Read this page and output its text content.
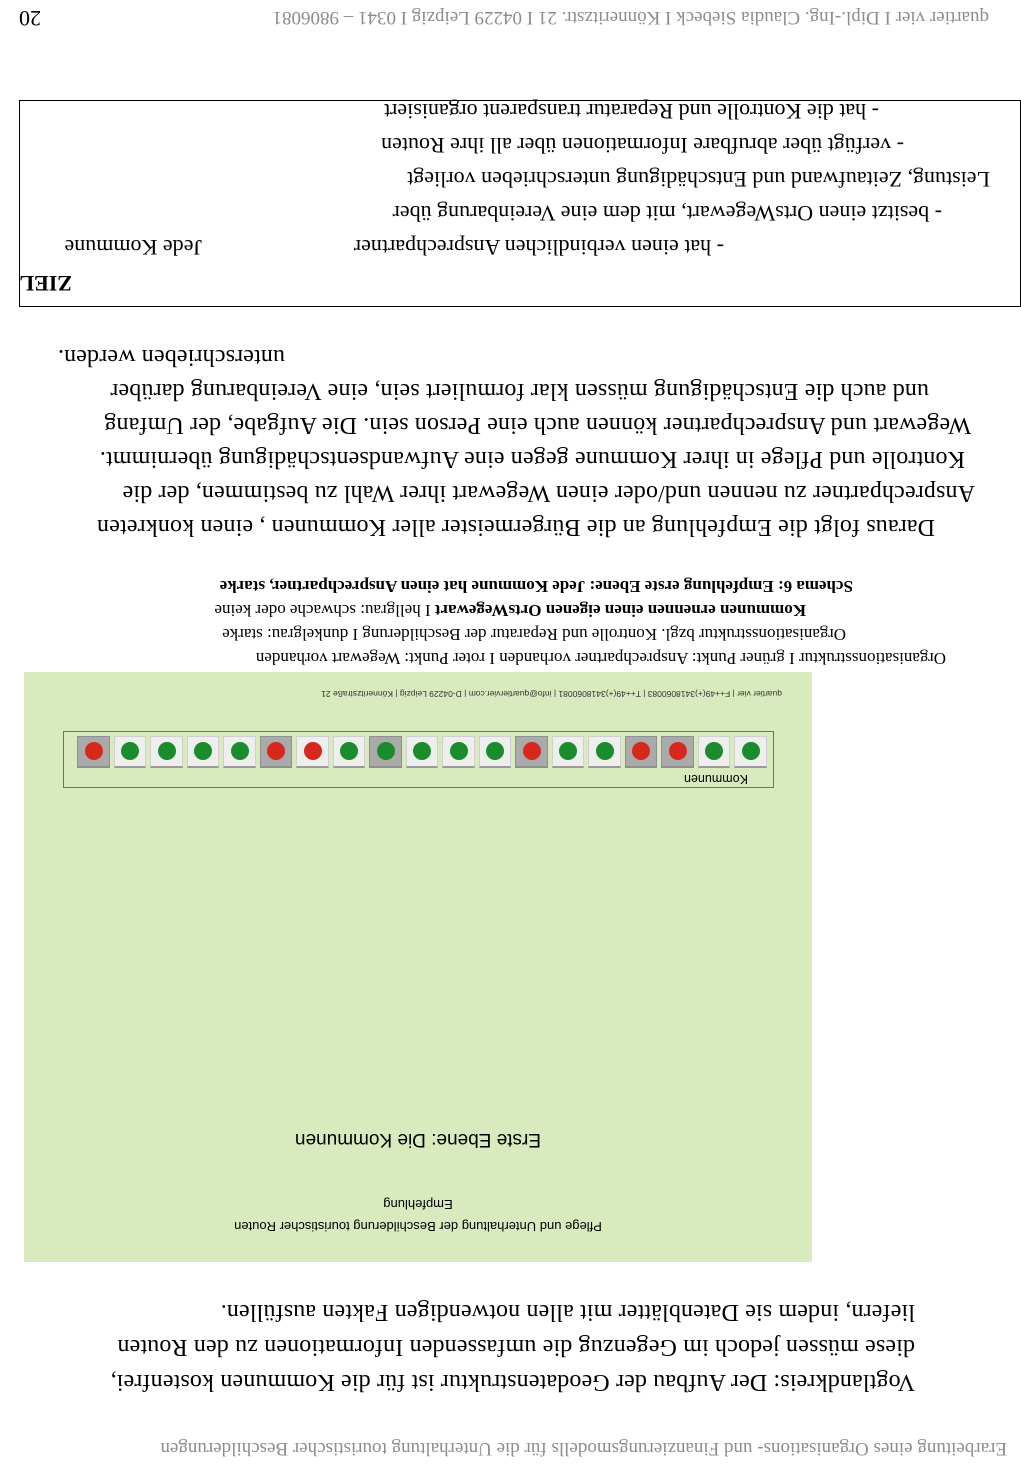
Erarbeitung eines Organisations- und Finanzierungsmodells für die Unterhaltung touristischer Beschilderungen
Vogtlandkreis: Der Aufbau der Geodatenstruktur ist für die Kommunen kostenfrei,
diese müssen jedoch im Gegenzug die umfassenden Informationen zu den Routen
liefern, indem sie Datenblätter mit allen notwendigen Fakten ausfüllen.
Pflege und Unterhaltung der Beschilderung touristischer Routen
Empfehlung
Erste Ebene: Die Kommunen
Kommunen
quartier vier | F++49(+)3418060083 | T++49(+)3418060081 | info@quartiervier.com | D-04229 Leipzig | Könneritzstraße 21
Organisationsstruktur I grüner Punkt: Ansprechpartner vorhanden I roter Punkt: Wegewart vorhanden
Organisationsstruktur bzgl. Kontrolle und Reparatur der Beschilderung I dunkelgrau: starke
Kommunen ernennen einen eigenen OrtsWegewart I hellgrau: schwache oder keine
Schema 6: Empfehlung erste Ebene: Jede Kommune hat einen Ansprechpartner, starke
Daraus folgt die Empfehlung an die Bürgermeister aller Kommunen , einen konkreten
Ansprechpartner zu nennen und/oder einen Wegewart ihrer Wahl zu bestimmen, der die
Kontrolle und Pflege in ihrer Kommune gegen eine Aufwandsentschädigung übernimmt.
Wegewart und Ansprechpartner können auch eine Person sein. Die Aufgabe, der Umfang
und auch die Entschädigung müssen klar formuliert sein, eine Vereinbarung darüber
unterschrieben werden.
- hat die Kontrolle und Reparatur transparent organisiert
- verfügt über abrufbare Informationen über all ihre Routen
Leistung, Zeitaufwand und Entschädigung unterschrieben vorliegt
- besitzt einen OrtsWegewart, mit dem eine Vereinbarung über
- hat einen verbindlichen Ansprechpartner
Jede Kommune
ZIEL
quartier vier I Dipl.-Ing. Claudia Siebeck I Könneritzstr. 21 I 04229 Leipzig I 0341 – 9806081
20
